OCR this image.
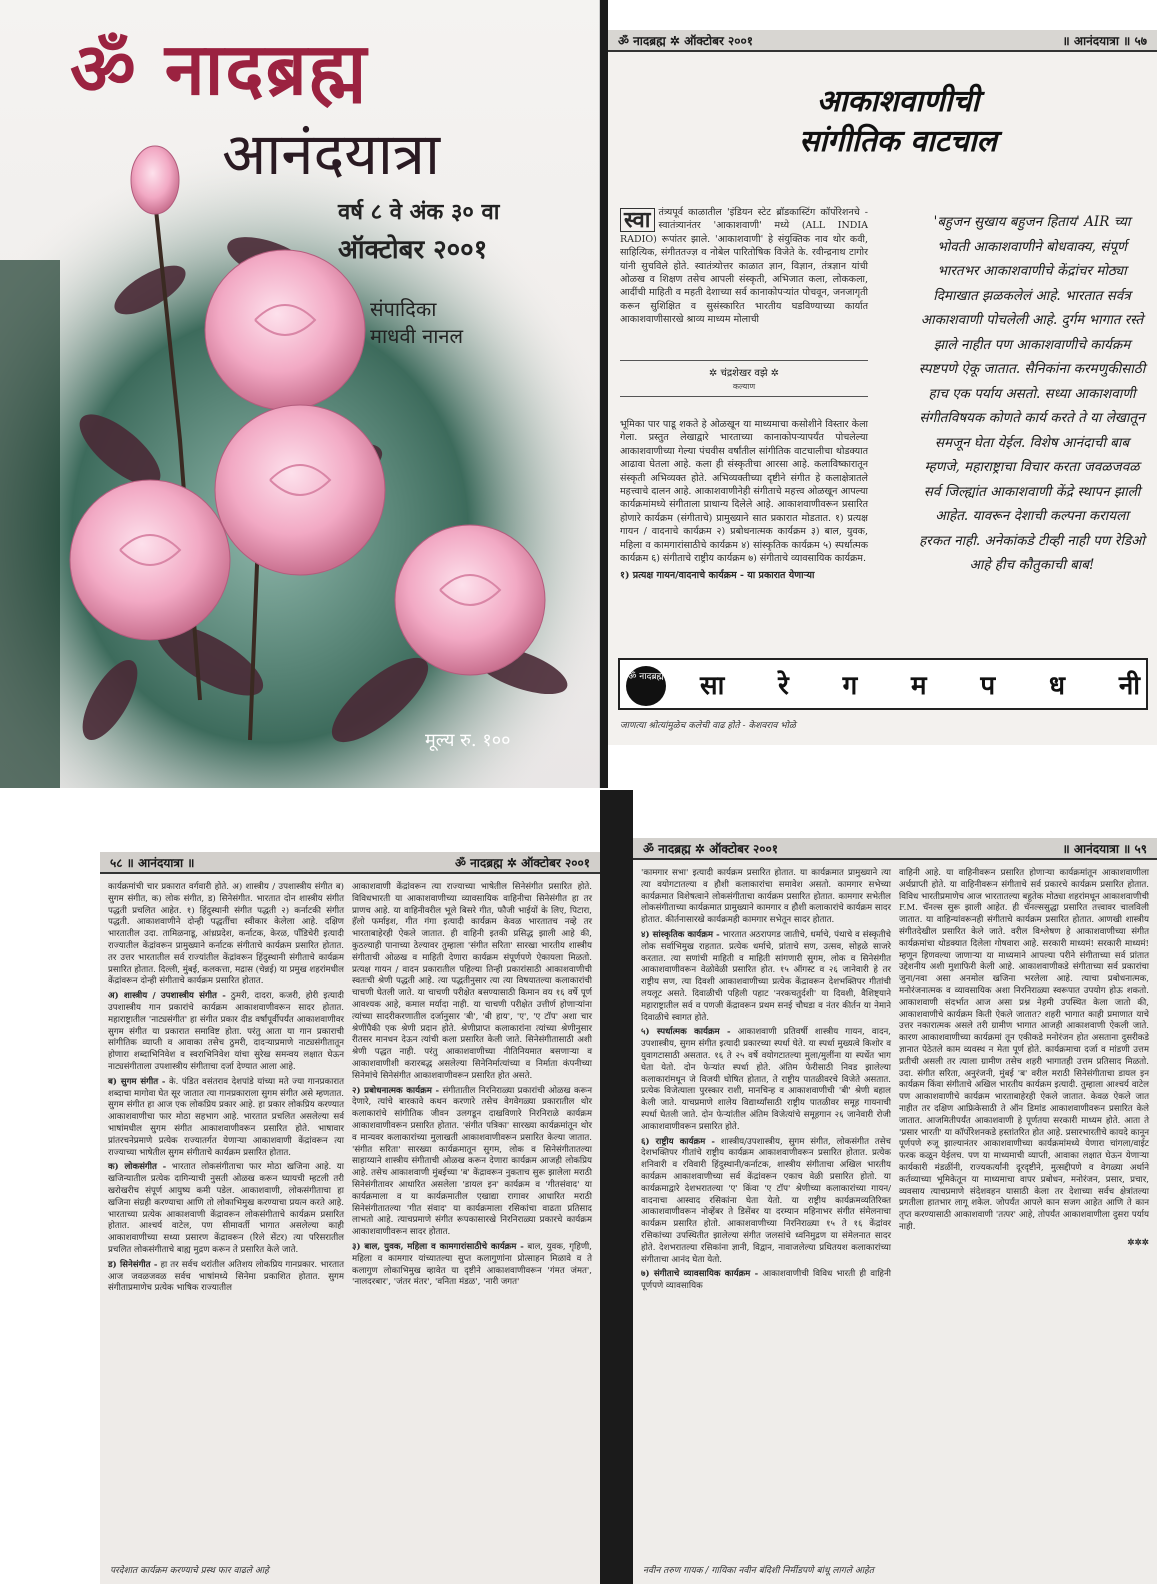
ॐ नादब्रह्म
आनंदयात्रा
वर्ष ८ वे अंक ३० वा
ऑक्टोबर २००१
संपादिका
माधवी नानल
मूल्य रु. १००
ॐ नादब्रह्म ✲ ऑक्टोबर २००१	॥ आनंदयात्रा ॥ ५७
आकाशवाणीची
सांगीतिक वाटचाल
स्वा तंत्र्यपूर्व काळातील 'इंडियन स्टेट ब्रॉडकास्टिंग कॉर्पोरेशनचे - स्वातंत्र्यानंतर 'आकाशवाणी' मध्ये (ALL INDIA RADIO) रूपांतर झाले. 'आकाशवाणी' हे संयुक्तिक नाव थोर कवी, साहित्यिक, संगीततज्ज्ञ व नोबेल पारितोषिक विजेते के. रवीन्द्रनाथ टागोर यांनी सुचविले होते. स्वातंत्र्योत्तर काळात ज्ञान, विज्ञान, तंत्रज्ञान यांची ओळख व शिक्षण तसेच आपली संस्कृती, अभिजात कला, लोककला, आदींची माहिती व महती देशाच्या सर्व कानाकोपऱ्यांत पोचवून, जनजागृती करून सुशिक्षित व सुसंस्कारित भारतीय घडविण्याच्या कार्यात आकाशवाणीसारखे श्राव्य माध्यम मोलाची
✲ चंद्रशेखर वझे ✲
कल्याण
भूमिका पार पाडू शकते हे ओळखून या माध्यमाचा कसोशीने विस्तार केला गेला. प्रस्तुत लेखाद्वारे भारताच्या कानाकोपऱ्यापर्यंत पोचलेल्या आकाशवाणीच्या गेल्या पंचवीस वर्षांतील सांगीतिक वाटचालीचा थोडक्यात आढावा घेतला आहे. कला ही संस्कृतीचा आरसा आहे. कलाविष्कारातून संस्कृती अभिव्यक्त होते. अभिव्यक्तीच्या दृष्टीने संगीत हे कलाक्षेत्रातले महत्त्वाचे दालन आहे. आकाशवाणीनेही संगीताचे महत्त्व ओळखून आपल्या कार्यक्रमांमध्ये संगीताला प्राधान्य दिलेले आहे. आकाशवाणीवरून प्रसारित होणारे कार्यक्रम (संगीताचे) प्रामुख्याने सात प्रकारात मोडतात. १) प्रत्यक्ष गायन / वादनाचे कार्यक्रम २) प्रबोधनात्मक कार्यक्रम ३) बाल, युवक, महिला व कामगारांसाठीचे कार्यक्रम ४) सांस्कृतिक कार्यक्रम ५) स्पर्धात्मक कार्यक्रम ६) संगीताचे राष्ट्रीय कार्यक्रम ७) संगीताचे व्यावसायिक कार्यक्रम.
१) प्रत्यक्ष गायन/वादनाचे कार्यक्रम - या प्रकारात येणाऱ्या
'बहुजन सुखाय बहुजन हिताय' AIR च्या भोवती आकाशवाणीने बोधवाक्य, संपूर्ण भारतभर आकाशवाणीचे केंद्रांचर मोठ्या दिमाखात झळकलेलं आहे. भारतात सर्वत्र आकाशवाणी पोचलेली आहे. दुर्गम भागात रस्ते झाले नाहीत पण आकाशवाणीचे कार्यक्रम स्पष्टपणे ऐकू जातात. सैनिकांना करमणुकीसाठी हाच एक पर्याय असतो. सध्या आकाशवाणी संगीतविषयक कोणते कार्य करते ते या लेखातून समजून घेता येईल. विशेष आनंदाची बाब म्हणजे, महाराष्ट्राचा विचार करता जवळजवळ सर्व जिल्ह्यांत आकाशवाणी केंद्रे स्थापन झाली आहेत. यावरून देशाची कल्पना करायला हरकत नाही. अनेकांकडे टीव्ही नाही पण रेडिओ आहे हीच कौतुकाची बाब!
ॐ नादब्रह्म सा रे ग म प ध नी
जाणत्या श्रोत्यांमुळेच कलेची वाढ होते - केशवराव भोळे
५८ ॥ आनंदयात्रा ॥	ॐ नादब्रह्म ✲ ऑक्टोबर २००१
कार्यक्रमांची चार प्रकारात वर्गवारी होते. अ) शास्त्रीय / उपशास्त्रीय संगीत ब) सुगम संगीत, क) लोक संगीत, ड) सिनेसंगीत. भारतात दोन शास्त्रीय संगीत पद्धती प्रचलित आहेत. १) हिंदुस्थानी संगीत पद्धती २) कर्नाटकी संगीत पद्धती. आकाशवाणीने दोन्ही पद्धतींचा स्वीकार केलेला आहे. दक्षिण भारतातील उदा. तामिळनाडू, आंध्रप्रदेश, कर्नाटक, केरळ, पाँडिचेरी इत्यादी राज्यातील केंद्रांवरून प्रामुख्याने कर्नाटक संगीताचे कार्यक्रम प्रसारित होतात. तर उत्तर भारतातील सर्व राज्यांतील केंद्रांवरून हिंदुस्थानी संगीताचे कार्यक्रम प्रसारित होतात. दिल्ली, मुंबई, कलकत्ता, मद्रास (चेन्नई) या प्रमुख शहरांमधील केंद्रांवरून दोन्ही संगीताचे कार्यक्रम प्रसारित होतात.
अ) शास्त्रीय / उपशास्त्रीय संगीत - ठुमरी, दादरा, कजरी, होरी इत्यादी उपशास्त्रीय गान प्रकारांचे कार्यक्रम आकाशवाणीवरून सादर होतात. महाराष्ट्रातील 'नाट्यसंगीत' हा संगीत प्रकार दीड वर्षांपूर्वीपर्यंत आकाशवाणीवर सुगम संगीत या प्रकारात समाविष्ट होता. परंतु आता या गान प्रकाराची सांगीतिक व्याप्ती व आवाका तसेच ठुमरी, दादऱ्याप्रमाणे नाट्यसंगीतातून होणारा शब्दाभिनिवेश व स्वराभिनिवेश यांचा सुरेख समन्वय लक्षात घेऊन नाट्यसंगीताला उपशास्त्रीय संगीताचा दर्जा देण्यात आला आहे.
ब) सुगम संगीत - के. पंडित वसंतराव देशपांडे यांच्या मते ज्या गानप्रकारात शब्दाचा मागोवा घेत सूर जातात त्या गानप्रकाराला सुगम संगीत असे म्हणतात. सुगम संगीत हा आज एक लोकप्रिय प्रकार आहे. हा प्रकार लोकप्रिय करण्यात आकाशवाणीचा फार मोठा सहभाग आहे. भारतात प्रचलित असलेल्या सर्व भाषांमधील सुगम संगीत आकाशवाणीवरून प्रसारित होते. भाषावार प्रांतरचनेप्रमाणे प्रत्येक राज्यातर्गत येणाऱ्या आकाशवाणी केंद्रांवरून त्या राज्याच्या भाषेतील सुगम संगीताचे कार्यक्रम प्रसारित होतात.
क) लोकसंगीत - भारतात लोकसंगीताचा फार मोठा खजिना आहे. या खजिन्यातील प्रत्येक दागिन्याची नुसती ओळख करून घ्यायची म्हटली तरी खरोखरीच संपूर्ण आयुष्य कमी पडेल. आकाशवाणी, लोकसंगीताचा हा खजिना संग्रही करण्याचा आणि तो लोकाभिमुख करण्याचा प्रयत्न करते आहे. भारताच्या प्रत्येक आकाशवाणी केंद्रावरून लोकसंगीताचे कार्यक्रम प्रसारित होतात. आश्चर्य वाटेल, पण सीमावर्ती भागात असलेल्या काही आकाशवाणीच्या सध्या प्रसारण केंद्रावरून (रिले सेंटर) त्या परिसरातील प्रचलित लोकसंगीताचे बाह्य मुद्रण करून ते प्रसारित केले जाते.
ड) सिनेसंगीत - हा तर सर्वच थरांतील अतिशय लोकप्रिय गानप्रकार. भारतात आज जवळजवळ सर्वच भाषांमध्ये सिनेमा प्रकाशित होतात. सुगम संगीताप्रमाणेच प्रत्येक भाषिक राज्यातील
आकाशवाणी केंद्रांवरून त्या राज्याच्या भाषेतील सिनेसंगीत प्रसारित होते. विविधभारती या आकाशवाणीच्या व्यावसायिक वाहिनीचा सिनेसंगीत हा तर प्राणच आहे. या वाहिनीवरील भूले बिसरे गीत, फौजी भाईयों के लिए, पिटारा, हॅलो फर्माइश, गीत गंगा इत्यादी कार्यक्रम केवळ भारतातच नव्हे तर भारताबाहेरही ऐकले जातात. ही वाहिनी इतकी प्रसिद्ध झाली आहे की, कुठल्याही पानाच्या ठेल्यावर तुम्हाला 'संगीत सरिता' सारखा भारतीय शास्त्रीय संगीताची ओळख व माहिती देणारा कार्यक्रम संपूर्णपणे ऐकायला मिळतो. प्रत्यक्ष गायन / वादन प्रकारातील पहिल्या तिन्ही प्रकारांसाठी आकाशवाणीची स्वतःची श्रेणी पद्धती आहे. त्या पद्धतीनुसार त्या त्या विषयातल्या कलाकारांची चाचणी घेतली जाते. या चाचणी परीक्षेत बसण्यासाठी किमान वय १६ वर्षे पूर्ण आवश्यक आहे, कमाल मर्यादा नाही. या चाचणी परीक्षेत उत्तीर्ण होणाऱ्यांना त्यांच्या सादरीकरणातील दर्जानुसार 'बी', 'बी हाय', 'ए', 'ए टॉप' अशा चार श्रेणींपैकी एक श्रेणी प्रदान होते. श्रेणीप्राप्त कलाकारांना त्यांच्या श्रेणीनुसार रीतसर मानधन देऊन त्यांची कला प्रसारित केली जाते. सिनेसंगीतासाठी अशी श्रेणी पद्धत नाही. परंतु आकाशवाणीच्या नीतिनियमात बसणाऱ्या व आकाशवाणीशी करारबद्ध असलेल्या सिनेनिर्मात्यांच्या व निर्माता कंपनीच्या सिनेमांचे सिनेसंगीत आकाशवाणीवरून प्रसारित होत असते.
२) प्रबोधनात्मक कार्यक्रम - संगीतातील निरनिराळ्या प्रकारांची ओळख करून देणारे, त्यांचे बारकावे कथन करणारे तसेच वेगवेगळ्या प्रकारातील थोर कलाकारांचे सांगीतिक जीवन उलगडून दाखविणारे निरनिराळे कार्यक्रम आकाशवाणीवरून प्रसारित होतात. 'संगीत पत्रिका' सारख्या कार्यक्रमांतून थोर व मान्यवर कलाकारांच्या मुलाखती आकाशवाणीवरून प्रसारित केल्या जातात. 'संगीत सरिता' सारख्या कार्यक्रमातून सुगम, लोक व सिनेसंगीतातल्या साहाय्याने शास्त्रीय संगीताची ओळख करून देणारा कार्यक्रम आजही लोकप्रिय आहे. तसेच आकाशवाणी मुंबईच्या 'ब' केंद्रावरून नुकताच सुरू झालेला मराठी सिनेसंगीतावर आधारित असलेला 'डायल इन' कार्यक्रम व 'गीतसंवाद' या कार्यक्रमाला व या कार्यक्रमातील एखाद्या रागावर आधारित मराठी सिनेसंगीतातल्या 'गीत संवाद' या कार्यक्रमाला रसिकांचा वाढता प्रतिसाद लाभतो आहे. त्याचप्रमाणे संगीत रूपकासारखे निरनिराळ्या प्रकारचे कार्यक्रम आकाशवाणीवरून सादर होतात.
३) बाल, युवक, महिला व कामगारांसाठीचे कार्यक्रम - बाल, युवक, गृहिणी, महिला व कामगार यांच्यातल्या सुप्त कलागुणांना प्रोत्साहन मिळावे व ते कलागुण लोकाभिमुख व्हावेत या दृष्टीने आकाशवाणीवरून 'गंमत जंमत', 'नालदरबार', 'जंतर मंतर', 'वनिता मंडळ', 'नारी जगत'
परदेशात कार्यक्रम करण्याचे प्रस्थ फार वाढले आहे
ॐ नादब्रह्म ✲ ऑक्टोबर २००१	॥ आनंदयात्रा ॥ ५९
'कामगार सभा' इत्यादी कार्यक्रम प्रसारित होतात. या कार्यक्रमात प्रामुख्याने त्या त्या वयोगटातल्या व हौशी कलाकारांचा समावेश असतो. कामगार सभेच्या कार्यक्रमात विशेषत्वाने लोकसंगीताचा कार्यक्रम प्रसारित होतात. कामगार सभेतील लोकसंगीताच्या कार्यक्रमात प्रामुख्याने कामगार व हौशी कलाकारांचे कार्यक्रम सादर होतात. कीर्तनासारखे कार्यक्रमही कामगार सभेतून सादर होतात.
४) सांस्कृतिक कार्यक्रम - भारतात अठरापगड जातीचे, धर्माचे, पंथाचे व संस्कृतीचे लोक सर्वाभिमुख राहतात. प्रत्येक धर्माचे, प्रांताचे सण, उत्सव, सोहळे साजरे करतात. त्या सणांची माहिती व माहिती सांगणारी सुगम, लोक व सिनेसंगीत आकाशवाणीवरून वेळोवेळी प्रसारित होत. १५ ऑगस्ट व २६ जानेवारी हे तर राष्ट्रीय सण, त्या दिवशी आकाशवाणीच्या प्रत्येक केंद्रावरून देशभक्तिपर गीतांची लयलूट असते. दिवाळीची पहिली पहाट 'नरकचतुर्दशी' या दिवशी, वैशिष्ट्याने महाराष्ट्रातील सर्व व पणजी केंद्रावरून प्रथम सनई चौघडा व नंतर कीर्तन या नेमाने दिवाळीचे स्वागत होते.
५) स्पर्धात्मक कार्यक्रम - आकाशवाणी प्रतिवर्षी शास्त्रीय गायन, वादन, उपशास्त्रीय, सुगम संगीत इत्यादी प्रकारच्या स्पर्धा घेते. या स्पर्धा मुख्यत्वे किशोर व युवागटासाठी असतात. १६ ते २५ वर्षे वयोगटातल्या मुला/मुलींना या स्पर्धेत भाग घेता येतो. दोन फेऱ्यांत स्पर्धा होते. अंतिम फेरीसाठी निवड झालेल्या कलाकारांमधून जे विजयी घोषित होतात, ते राष्ट्रीय पातळीवरचे विजेते असतात. प्रत्येक विजेत्याला पुरस्कार राशी, मानचिन्ह व आकाशवाणीची 'बी' श्रेणी बहाल केली जाते. याचप्रमाणे शालेय विद्यार्थ्यांसाठी राष्ट्रीय पातळीवर समूह गायनाची स्पर्धा घेतली जाते. दोन फेऱ्यांतील अंतिम विजेत्यांचे समूहगान २६ जानेवारी रोजी आकाशवाणीवरून प्रसारित होते.
६) राष्ट्रीय कार्यक्रम - शास्त्रीय/उपशास्त्रीय, सुगम संगीत, लोकसंगीत तसेच देशभक्तिपर गीतांचे राष्ट्रीय कार्यक्रम आकाशवाणीवरून प्रसारित होतात. प्रत्येक शनिवारी व रविवारी हिंदुस्थानी/कर्नाटक, शास्त्रीय संगीताचा अखिल भारतीय कार्यक्रम आकाशवाणीच्या सर्व केंद्रांवरून एकाच वेळी प्रसारित होतो. या कार्यक्रमाद्वारे देशभरातल्या 'ए' किंवा 'ए टॉप' श्रेणीच्या कलाकारांच्या गायन/वादनाचा आस्वाद रसिकांना घेता येतो. या राष्ट्रीय कार्यक्रमव्यतिरिक्त आकाशवाणीवरून नोव्हेंबर ते डिसेंबर या दरम्यान महिनाभर संगीत संमेलनाचा कार्यक्रम प्रसारित होतो. आकाशवाणीच्या निरनिराळ्या १५ ते १६ केंद्रांवर रसिकांच्या उपस्थितीत झालेल्या संगीत जलसांचे ध्वनिमुद्रण या संमेलनात सादर होते. देशभरातल्या रसिकांना ज्ञानी, विद्वान, नावाजलेल्या प्रथितयश कलाकारांच्या संगीताचा आनंद घेता येतो.
७) संगीताचे व्यावसायिक कार्यक्रम - आकाशवाणीची विविध भारती ही वाहिनी पूर्णपणे व्यावसायिक
वाहिनी आहे. या वाहिनीवरून प्रसारित होणाऱ्या कार्यक्रमांतून आकाशवाणीला अर्थप्राप्ती होते. या वाहिनीवरून संगीताचे सर्व प्रकारचे कार्यक्रम प्रसारित होतात. विविध भारतीप्रमाणेच आज भारतातल्या बहुतेक मोठ्या शहरांमधून आकाशवाणीची F.M. चॅनल्स सुरू झाली आहेत. ही चॅनल्ससुद्धा प्रसारित तत्त्वावर चालविली जातात. या वाहिन्यांवरूनही संगीताचे कार्यक्रम प्रसारित होतात. आणखी शास्त्रीय संगीतदेखील प्रसारित केले जाते. वरील विश्लेषण हे आकाशवाणीच्या संगीत कार्यक्रमांचा थोडक्यात दिलेला गोषवारा आहे. सरकारी माध्यमं! सरकारी माध्यमं! म्हणून हिणवल्या जाणाऱ्या या माध्यमाने आपल्या परीने संगीताच्या सर्व प्रांतात उद्देशनीय अशी मुशाफिरी केली आहे. आकाशवाणीकडे संगीताच्या सर्व प्रकारांचा जुना/नवा असा अनमोल खजिना भरलेला आहे. त्याचा प्रबोधनात्मक, मनोरंजनात्मक व व्यावसायिक अशा निरनिराळ्या स्वरूपात उपयोग होऊ शकतो. आकाशवाणी संदर्भात आज असा प्रश्न नेहमी उपस्थित केला जातो की, आकाशवाणीचे कार्यक्रम किती ऐकले जातात? शहरी भागात काही प्रमाणात याचे उत्तर नकारात्मक असले तरी ग्रामीण भागात आजही आकाशवाणी ऐकली जाते. कारण आकाशवाणीच्या कार्यक्रमां तून एकीकडे मनोरंजन होत असताना दुसरीकडे ज्ञानात पेठेतले काम व्यवस्थ न मेता पूर्ण होते. कार्यक्रमाचा दर्जा व मांडणी उत्तम प्रतीची असली तर त्याला ग्रामीण तसेच शहरी भागातही उत्तम प्रतिसाद मिळतो. उदा. संगीत सरिता, अनुरंजनी, मुंबई 'ब' वरील मराठी सिनेसंगीताचा डायल इन कार्यक्रम किंवा संगीताचे अखिल भारतीय कार्यक्रम इत्यादी. तुम्हाला आश्चर्य वाटेल पण आकाशवाणीचे कार्यक्रम भारताबाहेरही ऐकले जातात. केवळ ऐकले जात नाहीत तर दक्षिण आफ्रिकेसाठी ते ऑन डिमांड आकाशवाणीवरून प्रसारित केले जातात. आजमितीपर्यंत आकाशवाणी हे पूर्णतया सरकारी माध्यम होते. आता ते 'प्रसार भारती' या कॉर्पोरेशनकडे हस्तांतरित होत आहे. प्रसारभारतीचे कायदे कानून पूर्णपणे रुजू झाल्यानंतर आकाशवाणीच्या कार्यक्रमांमध्ये येणारा चांगला/वाईट फरक कळून येईलच. पण या माध्यमाची व्याप्ती, आवाका लक्षात घेऊन येणाऱ्या कार्यकारी मंडळींनी, राज्यकर्त्यांनी दूरदृष्टीने, मुत्सद्दीपणे व वेगळ्या अर्थाने कर्तव्याच्या भूमिकेतून या माध्यमाचा वापर प्रबोधन, मनोरंजन, प्रसार, प्रचार, व्यवसाय त्याचप्रमाणे संदेशवहन यासाठी केला तर देशाच्या सर्वच क्षेत्रांतल्या प्रगतीला हातभार लागू शकेल. जोपर्यंत आपले कान सजग आहेत आणि ते कान तृप्त करण्यासाठी आकाशवाणी 'तत्पर' आहे, तोपर्यंत आकाशवाणीला दुसरा पर्याय नाही.
✲✲✲
नवीन तरुण गायक / गायिका नवीन बंदिशी निर्मीडपणे बांधू लागले आहेत
